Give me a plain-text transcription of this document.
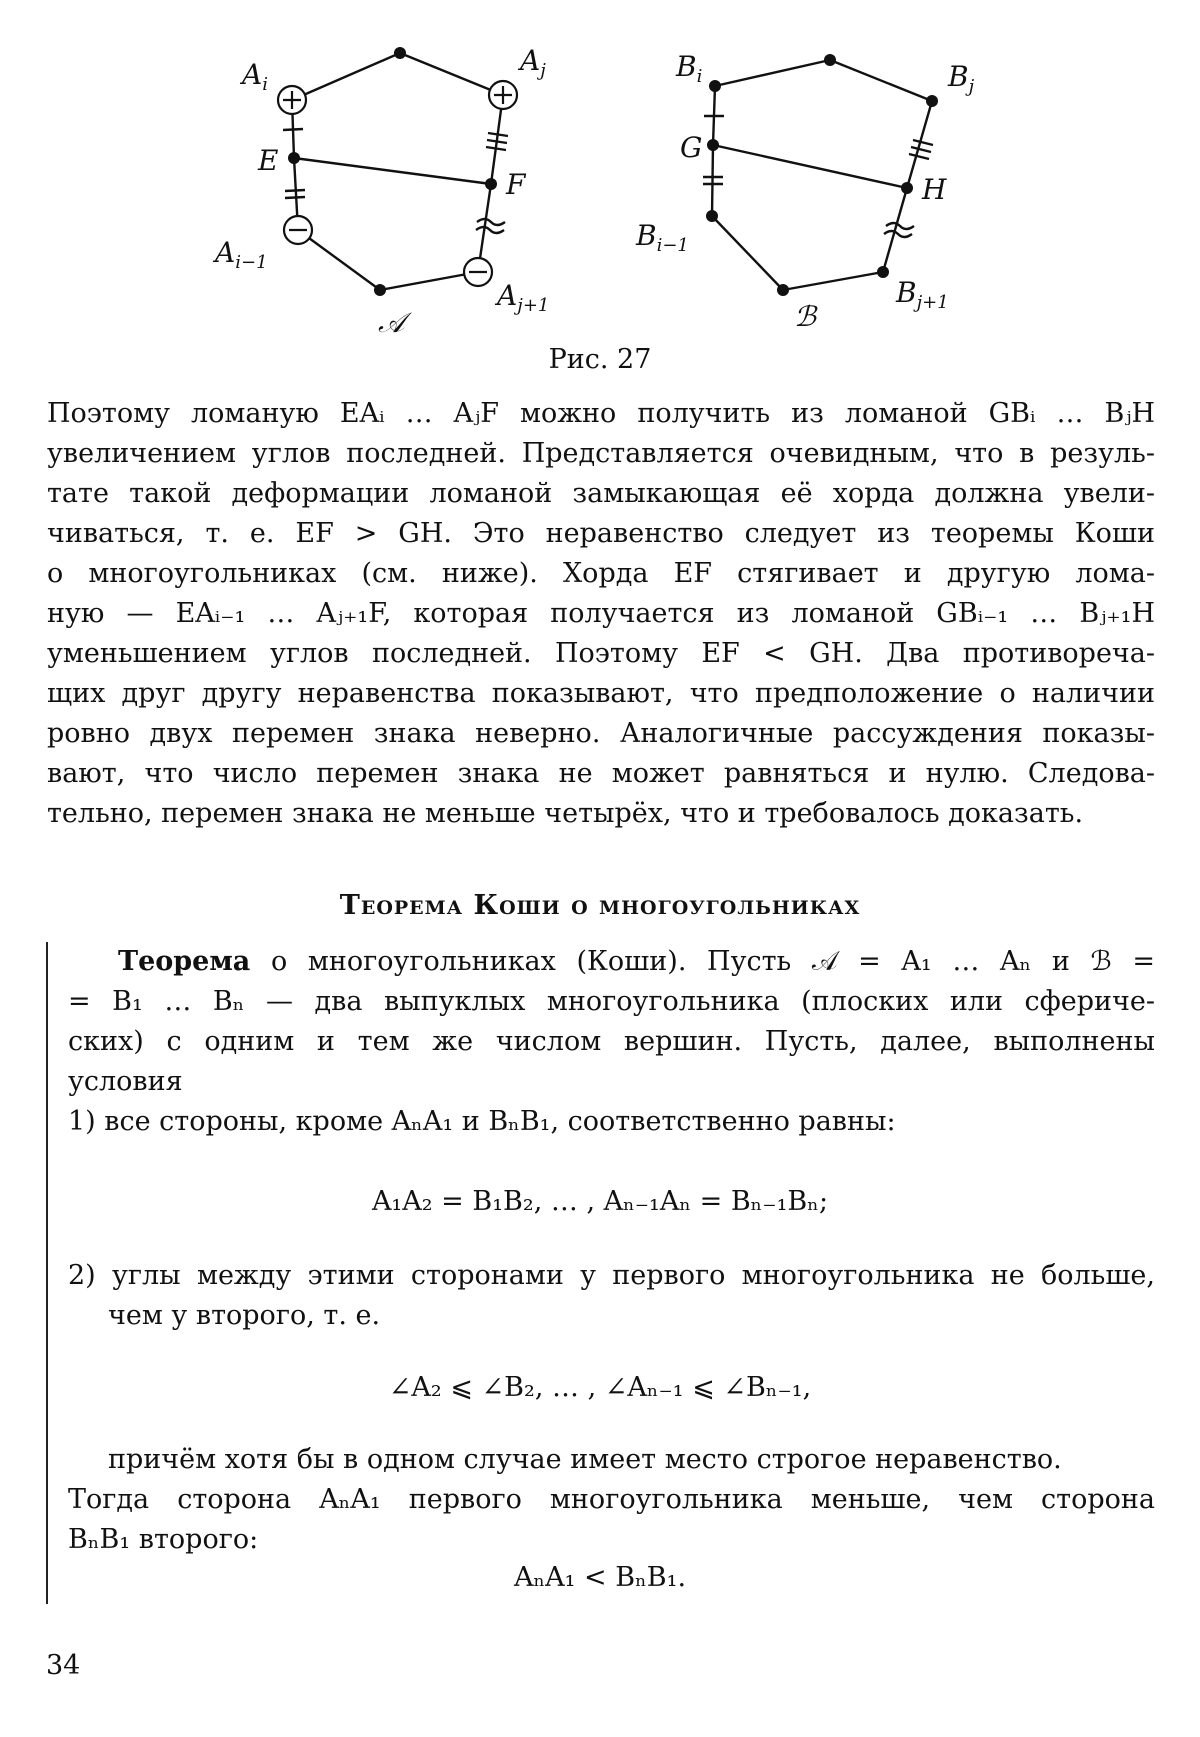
$A_i$
$A_j$
E
F
$A_{i-1}$
$A_{j+1}$
𝒜
$B_i$	$B_j$
G
H
$B_{i-1}$
$B_{j+1}$
ℬ
Рис. 27
Поэтому ломаную EAᵢ … AⱼF можно получить из ломаной GBᵢ … BⱼH
увеличением углов последней. Представляется очевидным, что в резуль-
тате такой деформации ломаной замыкающая её хорда должна увели-
чиваться, т. е. EF > GH. Это неравенство следует из теоремы Коши
о многоугольниках (см. ниже). Хорда EF стягивает и другую лома-
ную — EAᵢ₋₁ … Aⱼ₊₁F, которая получается из ломаной GBᵢ₋₁ … Bⱼ₊₁H
уменьшением углов последней. Поэтому EF < GH. Два противореча-
щих друг другу неравенства показывают, что предположение о наличии
ровно двух перемен знака неверно. Аналогичные рассуждения показы-
вают, что число перемен знака не может равняться и нулю. Следова-
тельно, перемен знака не меньше четырёх, что и требовалось доказать.
Теорема Коши о многоугольниках
Теорема о многоугольниках (Коши). Пусть 𝒜 = A₁ … Aₙ и ℬ =
= B₁ … Bₙ — два выпуклых многоугольника (плоских или сфериче-
ских) с одним и тем же числом вершин. Пусть, далее, выполнены
условия
1) все стороны, кроме AₙA₁ и BₙB₁, соответственно равны:
A₁A₂ = B₁B₂, … , Aₙ₋₁Aₙ = Bₙ₋₁Bₙ;
2) углы между этими сторонами у первого многоугольника не больше,
чем у второго, т. е.
∠A₂ ⩽ ∠B₂, … , ∠Aₙ₋₁ ⩽ ∠Bₙ₋₁,
причём хотя бы в одном случае имеет место строгое неравенство.
Тогда сторона AₙA₁ первого многоугольника меньше, чем сторона
BₙB₁ второго:
AₙA₁ < BₙB₁.
34
